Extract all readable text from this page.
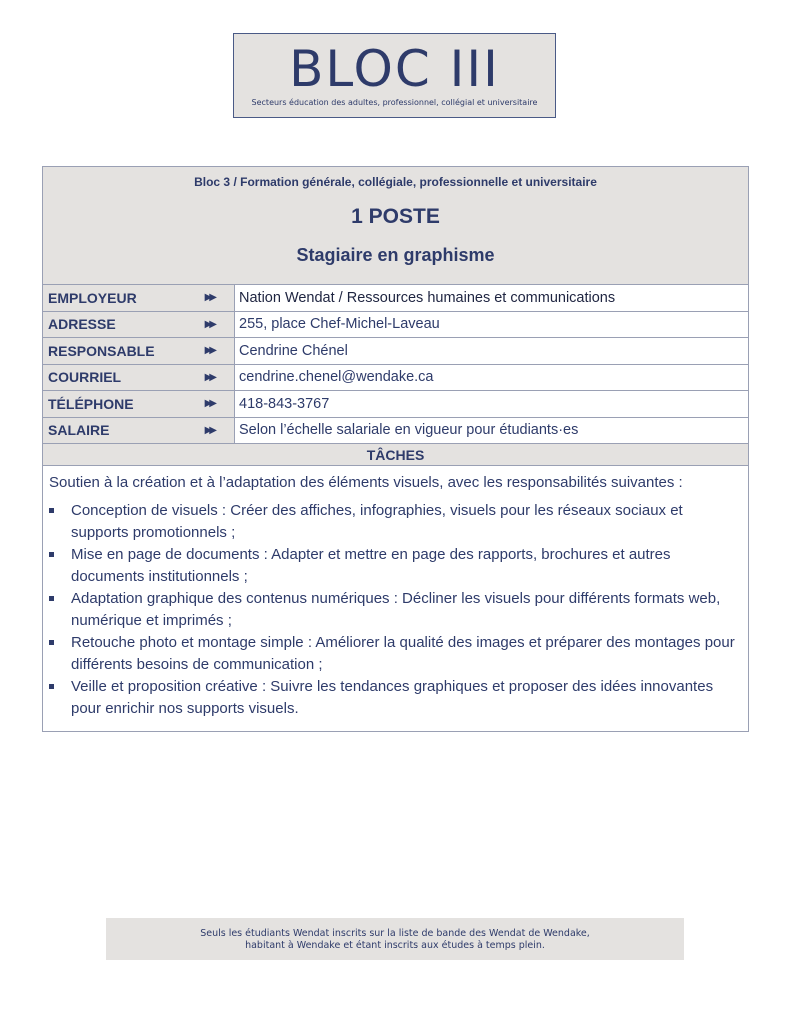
BLOC III
Secteurs éducation des adultes, professionnel, collégial et universitaire
Bloc 3 / Formation générale, collégiale, professionnelle et universitaire
1 POSTE
Stagiaire en graphisme
EMPLOYEUR	▶▶ Nation Wendat / Ressources humaines et communications
ADRESSE	▶▶ 255, place Chef-Michel-Laveau
RESPONSABLE	▶▶ Cendrine Chénel
COURRIEL	▶▶ cendrine.chenel@wendake.ca
TÉLÉPHONE	▶▶ 418-843-3767
SALAIRE	▶▶ Selon l’échelle salariale en vigueur pour étudiants·es
TÂCHES
Soutien à la création et à l’adaptation des éléments visuels, avec les responsabilités suivantes :
Conception de visuels : Créer des affiches, infographies, visuels pour les réseaux sociaux et supports promotionnels ;
Mise en page de documents : Adapter et mettre en page des rapports, brochures et autres documents institutionnels ;
Adaptation graphique des contenus numériques : Décliner les visuels pour différents formats web, numérique et imprimés ;
Retouche photo et montage simple : Améliorer la qualité des images et préparer des montages pour différents besoins de communication ;
Veille et proposition créative : Suivre les tendances graphiques et proposer des idées innovantes pour enrichir nos supports visuels.
Seuls les étudiants Wendat inscrits sur la liste de bande des Wendat de Wendake,
habitant à Wendake et étant inscrits aux études à temps plein.
